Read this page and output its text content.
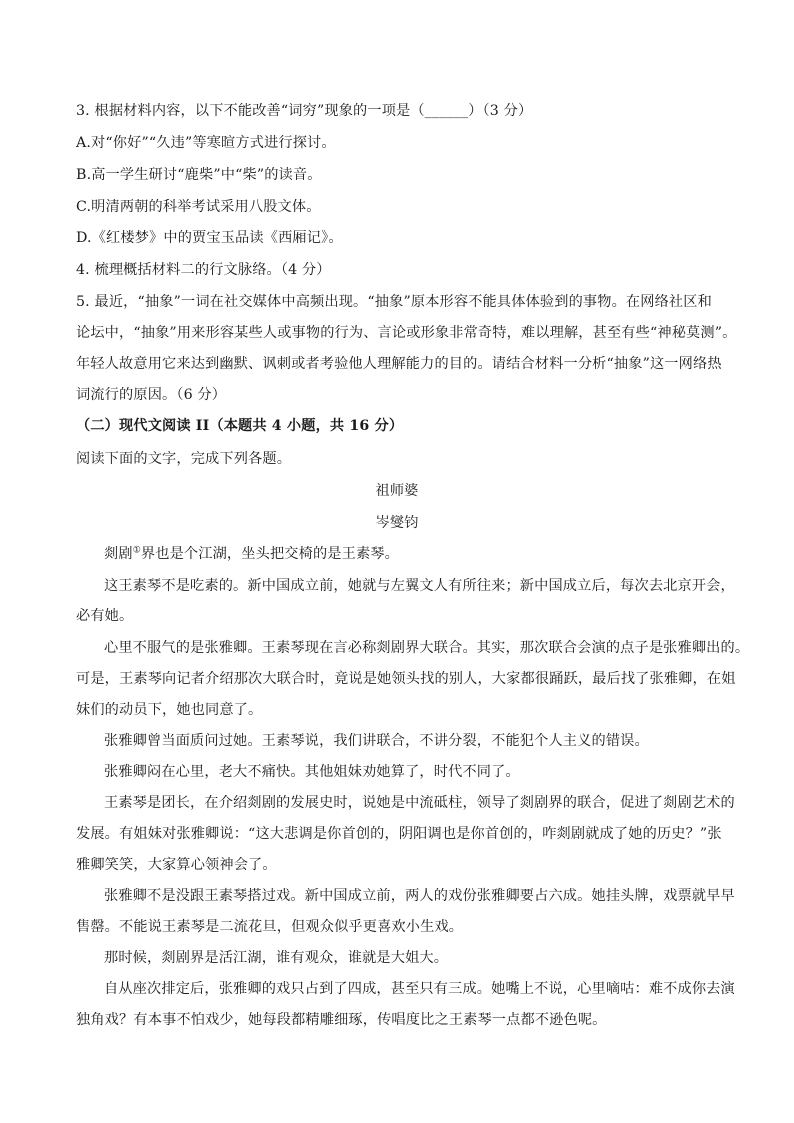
3. 根据材料内容，以下不能改善“词穷”现象的一项是（______）（3 分）
A.对“你好”“久违”等寒暄方式进行探讨。
B.高一学生研讨“鹿柴”中“柴”的读音。
C.明清两朝的科举考试采用八股文体。
D.《红楼梦》中的贾宝玉品读《西厢记》。
4. 梳理概括材料二的行文脉络。（4 分）
5. 最近，“抽象”一词在社交媒体中高频出现。“抽象”原本形容不能具体体验到的事物。在网络社区和
论坛中，“抽象”用来形容某些人或事物的行为、言论或形象非常奇特，难以理解，甚至有些“神秘莫测”。
年轻人故意用它来达到幽默、讽刺或者考验他人理解能力的目的。请结合材料一分析“抽象”这一网络热
词流行的原因。（6 分）
（二）现代文阅读 II（本题共 4 小题，共 16 分）
阅读下面的文字，完成下列各题。
祖师婆
岑燮钧
剡剧①界也是个江湖，坐头把交椅的是王素琴。
这王素琴不是吃素的。新中国成立前，她就与左翼文人有所往来；新中国成立后，每次去北京开会，
必有她。
心里不服气的是张雅卿。王素琴现在言必称剡剧界大联合。其实，那次联合会演的点子是张雅卿出的。
可是，王素琴向记者介绍那次大联合时，竟说是她领头找的别人，大家都很踊跃，最后找了张雅卿，在姐
妹们的动员下，她也同意了。
张雅卿曾当面质问过她。王素琴说，我们讲联合，不讲分裂，不能犯个人主义的错误。
张雅卿闷在心里，老大不痛快。其他姐妹劝她算了，时代不同了。
王素琴是团长，在介绍剡剧的发展史时，说她是中流砥柱，领导了剡剧界的联合，促进了剡剧艺术的
发展。有姐妹对张雅卿说：“这大悲调是你首创的，阴阳调也是你首创的，咋剡剧就成了她的历史？”张
雅卿笑笑，大家算心领神会了。
张雅卿不是没跟王素琴搭过戏。新中国成立前，两人的戏份张雅卿要占六成。她挂头牌，戏票就早早
售罄。不能说王素琴是二流花旦，但观众似乎更喜欢小生戏。
那时候，剡剧界是活江湖，谁有观众，谁就是大姐大。
自从座次排定后，张雅卿的戏只占到了四成，甚至只有三成。她嘴上不说，心里嘀咕：难不成你去演
独角戏？有本事不怕戏少，她每段都精雕细琢，传唱度比之王素琴一点都不逊色呢。
